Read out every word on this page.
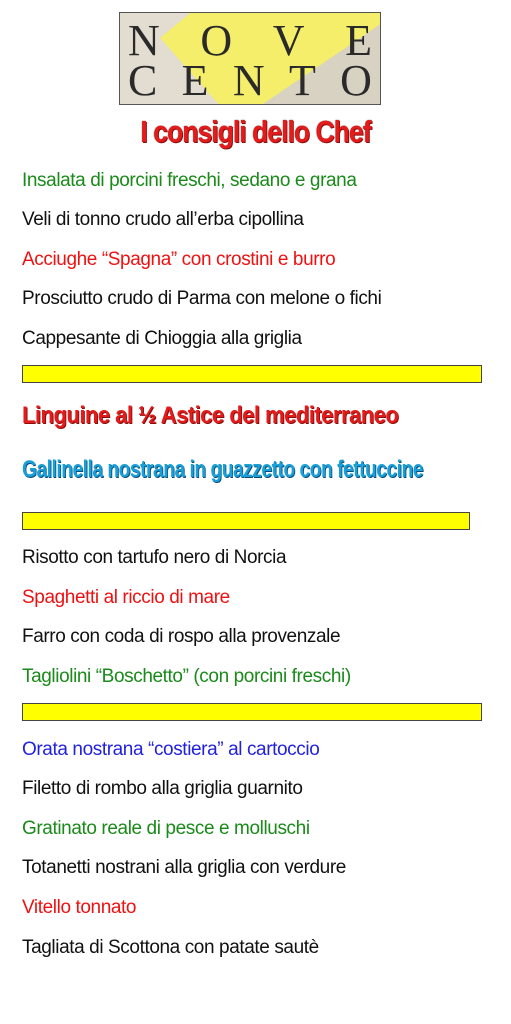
N O V E
C E N T O
I consigli dello Chef
Insalata di porcini freschi, sedano e grana
Veli di tonno crudo all’erba cipollina
Acciughe “Spagna” con crostini e burro
Prosciutto crudo di Parma con melone o fichi
Cappesante di Chioggia alla griglia
Linguine al ½ Astice del mediterraneo
Gallinella nostrana in guazzetto con fettuccine
Risotto con tartufo nero di Norcia
Spaghetti al riccio di mare
Farro con coda di rospo alla provenzale
Tagliolini “Boschetto” (con porcini freschi)
Orata nostrana “costiera” al cartoccio
Filetto di rombo alla griglia guarnito
Gratinato reale di pesce e molluschi
Totanetti nostrani alla griglia con verdure
Vitello tonnato
Tagliata di Scottona con patate sautè
